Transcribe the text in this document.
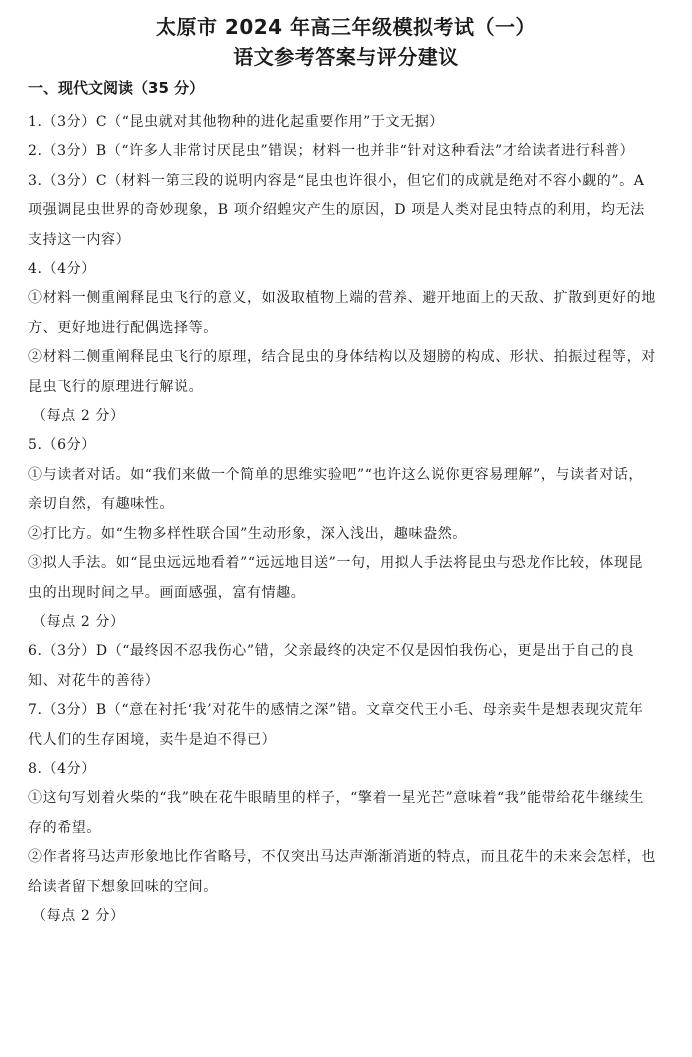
太原市 2024 年高三年级模拟考试（一）
语文参考答案与评分建议
一、现代文阅读（35 分）

1.（3分）C（“昆虫就对其他物种的进化起重要作用”于文无据）

2.（3分）B（“许多人非常讨厌昆虫”错误；材料一也并非“针对这种看法”才给读者进行科普）

3.（3分）C（材料一第三段的说明内容是“昆虫也许很小，但它们的成就是绝对不容小觑的”。A 项强调昆虫世界的奇妙现象，B 项介绍蝗灾产生的原因，D 项是人类对昆虫特点的利用，均无法支持这一内容）

4.（4分）

①材料一侧重阐释昆虫飞行的意义，如汲取植物上端的营养、避开地面上的天敌、扩散到更好的地方、更好地进行配偶选择等。

②材料二侧重阐释昆虫飞行的原理，结合昆虫的身体结构以及翅膀的构成、形状、拍振过程等，对昆虫飞行的原理进行解说。

（每点 2 分）

5.（6分）

①与读者对话。如“我们来做一个简单的思维实验吧”“也许这么说你更容易理解”，与读者对话，亲切自然，有趣味性。

②打比方。如“生物多样性联合国”生动形象，深入浅出，趣味盎然。

③拟人手法。如“昆虫远远地看着”“远远地目送”一句，用拟人手法将昆虫与恐龙作比较，体现昆虫的出现时间之早。画面感强，富有情趣。

（每点 2 分）

6.（3分）D（“最终因不忍我伤心”错，父亲最终的决定不仅是因怕我伤心，更是出于自己的良知、对花牛的善待）

7.（3分）B（“意在衬托‘我’对花牛的感情之深”错。文章交代王小毛、母亲卖牛是想表现灾荒年代人们的生存困境，卖牛是迫不得已）

8.（4分）

①这句写划着火柴的“我”映在花牛眼睛里的样子，“擎着一星光芒”意味着“我”能带给花牛继续生存的希望。

②作者将马达声形象地比作省略号，不仅突出马达声渐渐消逝的特点，而且花牛的未来会怎样，也给读者留下想象回味的空间。

（每点 2 分）
